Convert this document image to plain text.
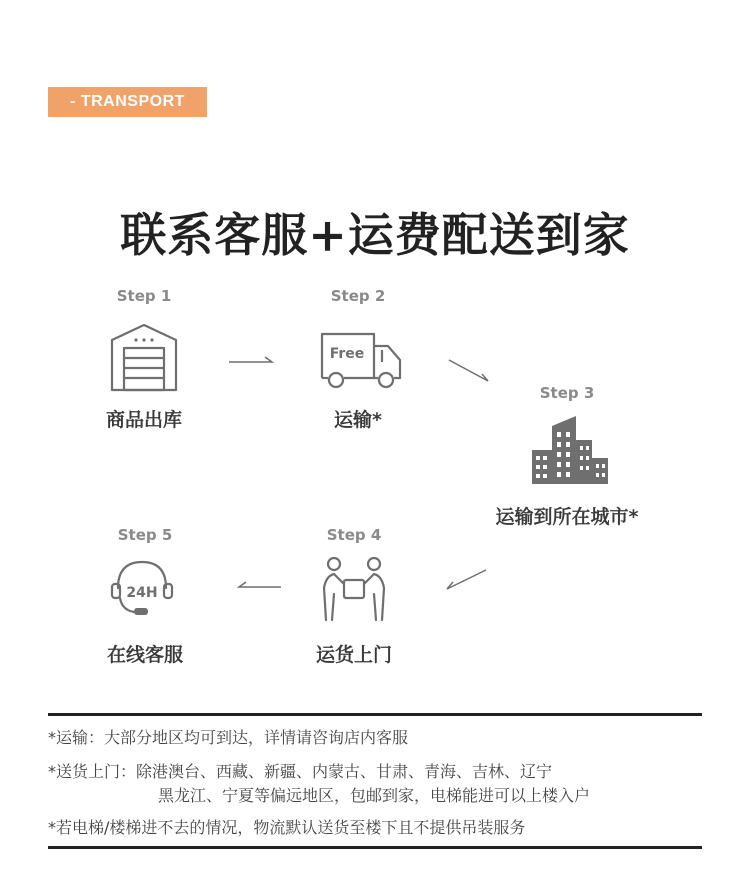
- TRANSPORT
联系客服+运费配送到家
Step 1
商品出库
Step 2
Free
运输*
Step 3
运输到所在城市*
Step 4
运货上门
Step 5
24H
在线客服
*运输：大部分地区均可到达，详情请咨询店内客服
*送货上门：除港澳台、西藏、新疆、内蒙古、甘肃、青海、吉林、辽宁
黑龙江、宁夏等偏远地区，包邮到家，电梯能进可以上楼入户
*若电梯/楼梯进不去的情况，物流默认送货至楼下且不提供吊装服务
